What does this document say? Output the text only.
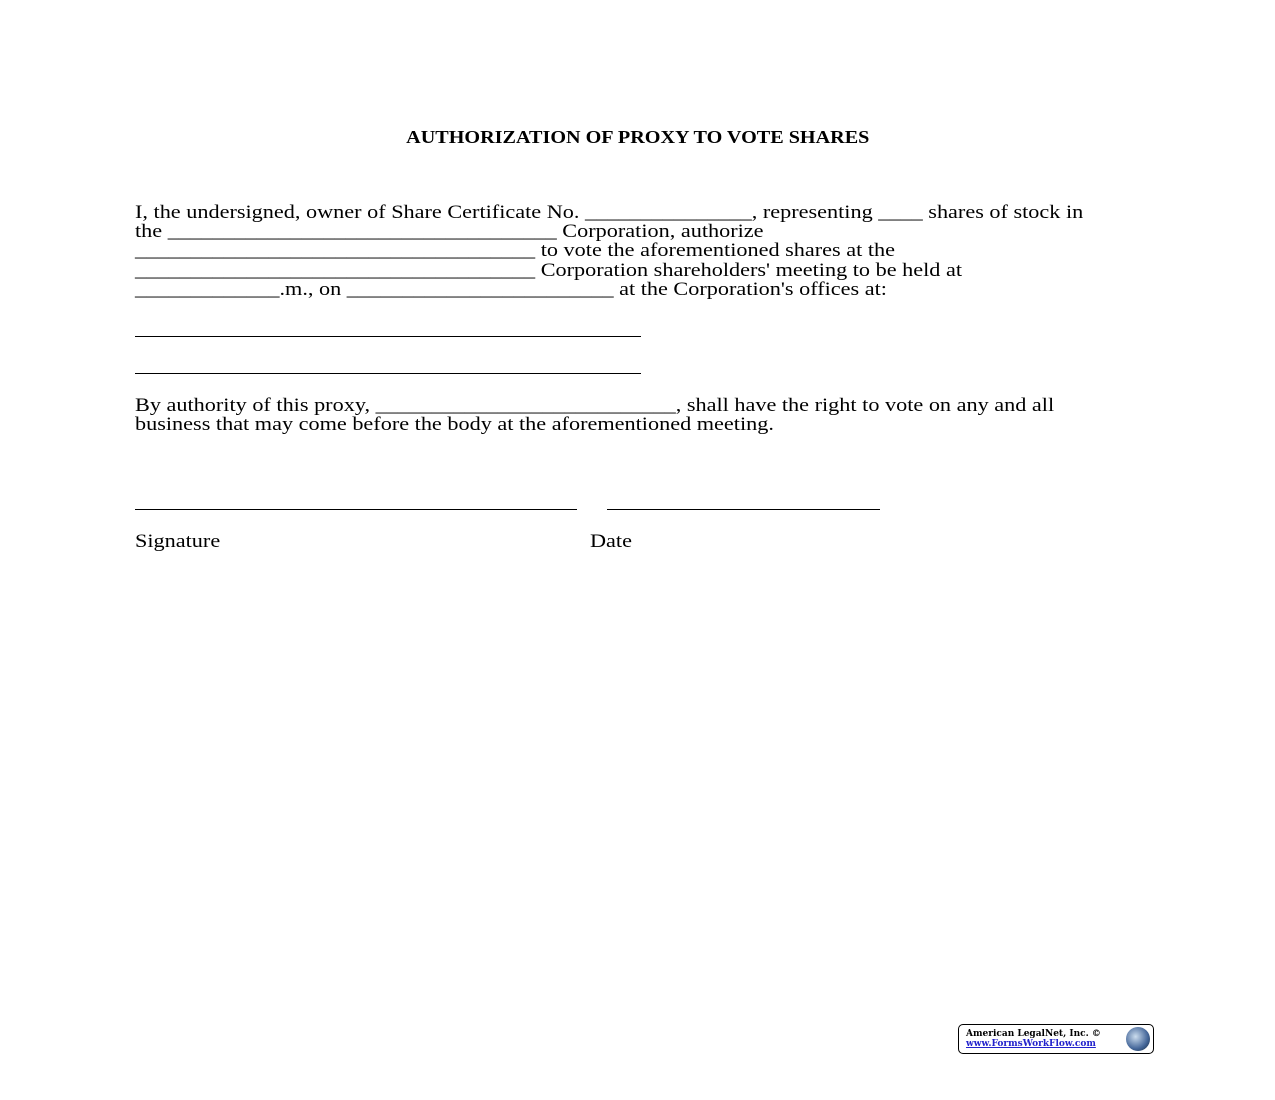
AUTHORIZATION OF PROXY TO VOTE SHARES
I, the undersigned, owner of Share Certificate No. _______________, representing ____ shares of stock in
the ___________________________________ Corporation, authorize
____________________________________ to vote the aforementioned shares at the
____________________________________ Corporation shareholders' meeting to be held at
_____________.m., on ________________________ at the Corporation's offices at:
By authority of this proxy, ___________________________, shall have the right to vote on any and all
business that may come before the body at the aforementioned meeting.
Signature	Date
American LegalNet, Inc. ©
www.FormsWorkFlow.com
